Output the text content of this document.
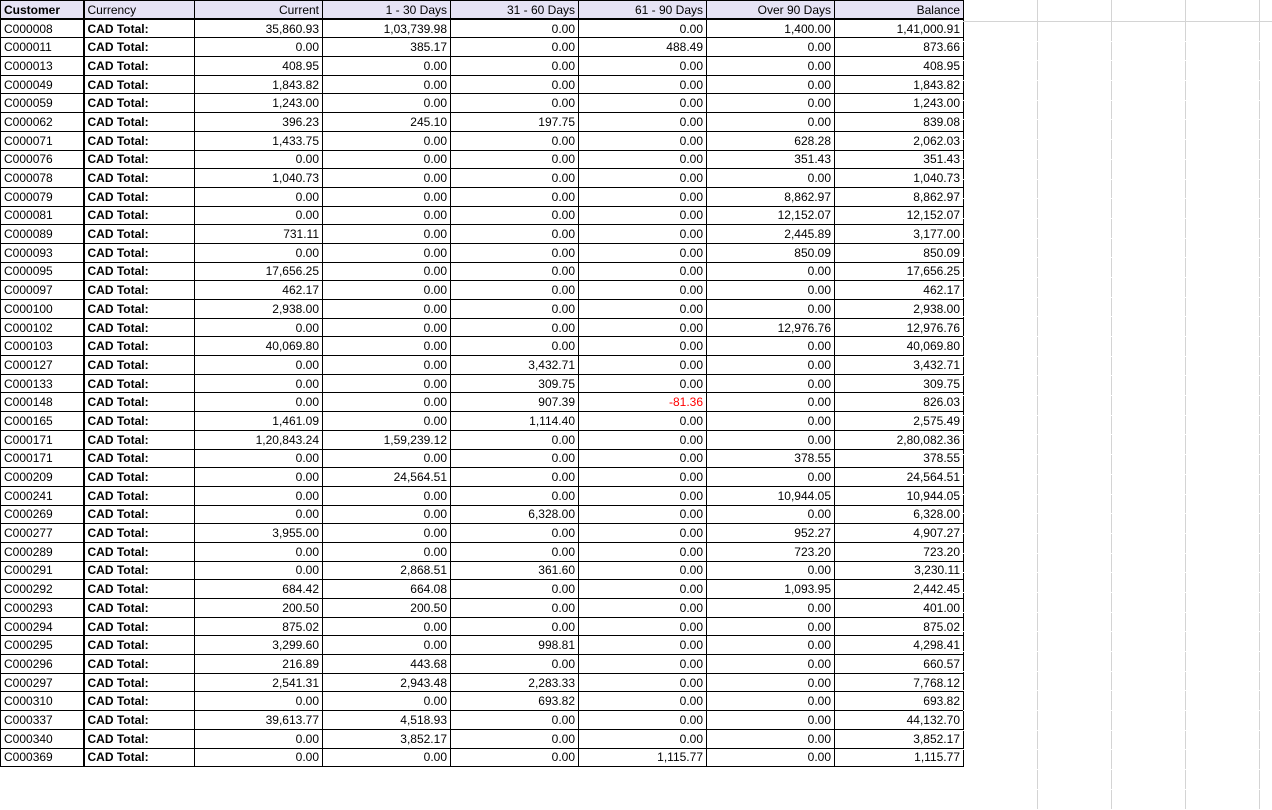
Customer	Currency	Current	1 - 30 Days	31 - 60 Days	61 - 90 Days	Over 90 Days	Balance
C000008	CAD Total:	35,860.93	1,03,739.98	0.00	0.00	1,400.00	1,41,000.91
C000011	CAD Total:	0.00	385.17	0.00	488.49	0.00	873.66
C000013	CAD Total:	408.95	0.00	0.00	0.00	0.00	408.95
C000049	CAD Total:	1,843.82	0.00	0.00	0.00	0.00	1,843.82
C000059	CAD Total:	1,243.00	0.00	0.00	0.00	0.00	1,243.00
C000062	CAD Total:	396.23	245.10	197.75	0.00	0.00	839.08
C000071	CAD Total:	1,433.75	0.00	0.00	0.00	628.28	2,062.03
C000076	CAD Total:	0.00	0.00	0.00	0.00	351.43	351.43
C000078	CAD Total:	1,040.73	0.00	0.00	0.00	0.00	1,040.73
C000079	CAD Total:	0.00	0.00	0.00	0.00	8,862.97	8,862.97
C000081	CAD Total:	0.00	0.00	0.00	0.00	12,152.07	12,152.07
C000089	CAD Total:	731.11	0.00	0.00	0.00	2,445.89	3,177.00
C000093	CAD Total:	0.00	0.00	0.00	0.00	850.09	850.09
C000095	CAD Total:	17,656.25	0.00	0.00	0.00	0.00	17,656.25
C000097	CAD Total:	462.17	0.00	0.00	0.00	0.00	462.17
C000100	CAD Total:	2,938.00	0.00	0.00	0.00	0.00	2,938.00
C000102	CAD Total:	0.00	0.00	0.00	0.00	12,976.76	12,976.76
C000103	CAD Total:	40,069.80	0.00	0.00	0.00	0.00	40,069.80
C000127	CAD Total:	0.00	0.00	3,432.71	0.00	0.00	3,432.71
C000133	CAD Total:	0.00	0.00	309.75	0.00	0.00	309.75
C000148	CAD Total:	0.00	0.00	907.39	-81.36	0.00	826.03
C000165	CAD Total:	1,461.09	0.00	1,114.40	0.00	0.00	2,575.49
C000171	CAD Total:	1,20,843.24	1,59,239.12	0.00	0.00	0.00	2,80,082.36
C000171	CAD Total:	0.00	0.00	0.00	0.00	378.55	378.55
C000209	CAD Total:	0.00	24,564.51	0.00	0.00	0.00	24,564.51
C000241	CAD Total:	0.00	0.00	0.00	0.00	10,944.05	10,944.05
C000269	CAD Total:	0.00	0.00	6,328.00	0.00	0.00	6,328.00
C000277	CAD Total:	3,955.00	0.00	0.00	0.00	952.27	4,907.27
C000289	CAD Total:	0.00	0.00	0.00	0.00	723.20	723.20
C000291	CAD Total:	0.00	2,868.51	361.60	0.00	0.00	3,230.11
C000292	CAD Total:	684.42	664.08	0.00	0.00	1,093.95	2,442.45
C000293	CAD Total:	200.50	200.50	0.00	0.00	0.00	401.00
C000294	CAD Total:	875.02	0.00	0.00	0.00	0.00	875.02
C000295	CAD Total:	3,299.60	0.00	998.81	0.00	0.00	4,298.41
C000296	CAD Total:	216.89	443.68	0.00	0.00	0.00	660.57
C000297	CAD Total:	2,541.31	2,943.48	2,283.33	0.00	0.00	7,768.12
C000310	CAD Total:	0.00	0.00	693.82	0.00	0.00	693.82
C000337	CAD Total:	39,613.77	4,518.93	0.00	0.00	0.00	44,132.70
C000340	CAD Total:	0.00	3,852.17	0.00	0.00	0.00	3,852.17
C000369	CAD Total:	0.00	0.00	0.00	1,115.77	0.00	1,115.77
